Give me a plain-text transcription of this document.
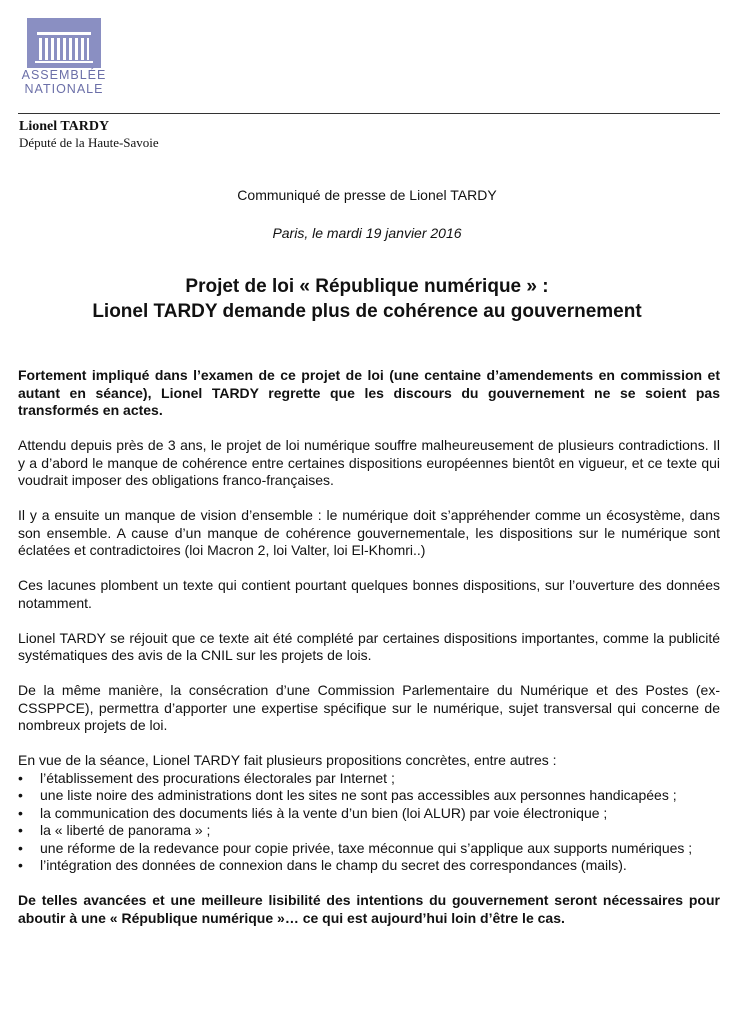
ASSEMBLÉE
NATIONALE
Lionel TARDY
Député de la Haute-Savoie
Communiqué de presse de Lionel TARDY
Paris, le mardi 19 janvier 2016
Projet de loi « République numérique » :
Lionel TARDY demande plus de cohérence au gouvernement

Fortement impliqué dans l’examen de ce projet de loi (une centaine d’amendements en commission et autant en séance), Lionel TARDY regrette que les discours du gouvernement ne se soient pas transformés en actes.

Attendu depuis près de 3 ans, le projet de loi numérique souffre malheureusement de plusieurs contradictions. Il y a d’abord le manque de cohérence entre certaines dispositions européennes bientôt en vigueur, et ce texte qui voudrait imposer des obligations franco-françaises.

Il y a ensuite un manque de vision d’ensemble : le numérique doit s’appréhender comme un écosystème, dans son ensemble. A cause d’un manque de cohérence gouvernementale, les dispositions sur le numérique sont éclatées et contradictoires (loi Macron 2, loi Valter, loi El-Khomri..)

Ces lacunes plombent un texte qui contient pourtant quelques bonnes dispositions, sur l’ouverture des données notamment.

Lionel TARDY se réjouit que ce texte ait été complété par certaines dispositions importantes, comme la publicité systématiques des avis de la CNIL sur les projets de lois.

De la même manière, la consécration d’une Commission Parlementaire du Numérique et des Postes (ex-CSSPPCE), permettra d’apporter une expertise spécifique sur le numérique, sujet transversal qui concerne de nombreux projets de loi.

En vue de la séance, Lionel TARDY fait plusieurs propositions concrètes, entre autres :
• l’établissement des procurations électorales par Internet ;
• une liste noire des administrations dont les sites ne sont pas accessibles aux personnes handicapées ;
• la communication des documents liés à la vente d’un bien (loi ALUR) par voie électronique ;
• la « liberté de panorama » ;
• une réforme de la redevance pour copie privée, taxe méconnue qui s’applique aux supports numériques ;
• l’intégration des données de connexion dans le champ du secret des correspondances (mails).

De telles avancées et une meilleure lisibilité des intentions du gouvernement seront nécessaires pour aboutir à une « République numérique »… ce qui est aujourd’hui loin d’être le cas.
